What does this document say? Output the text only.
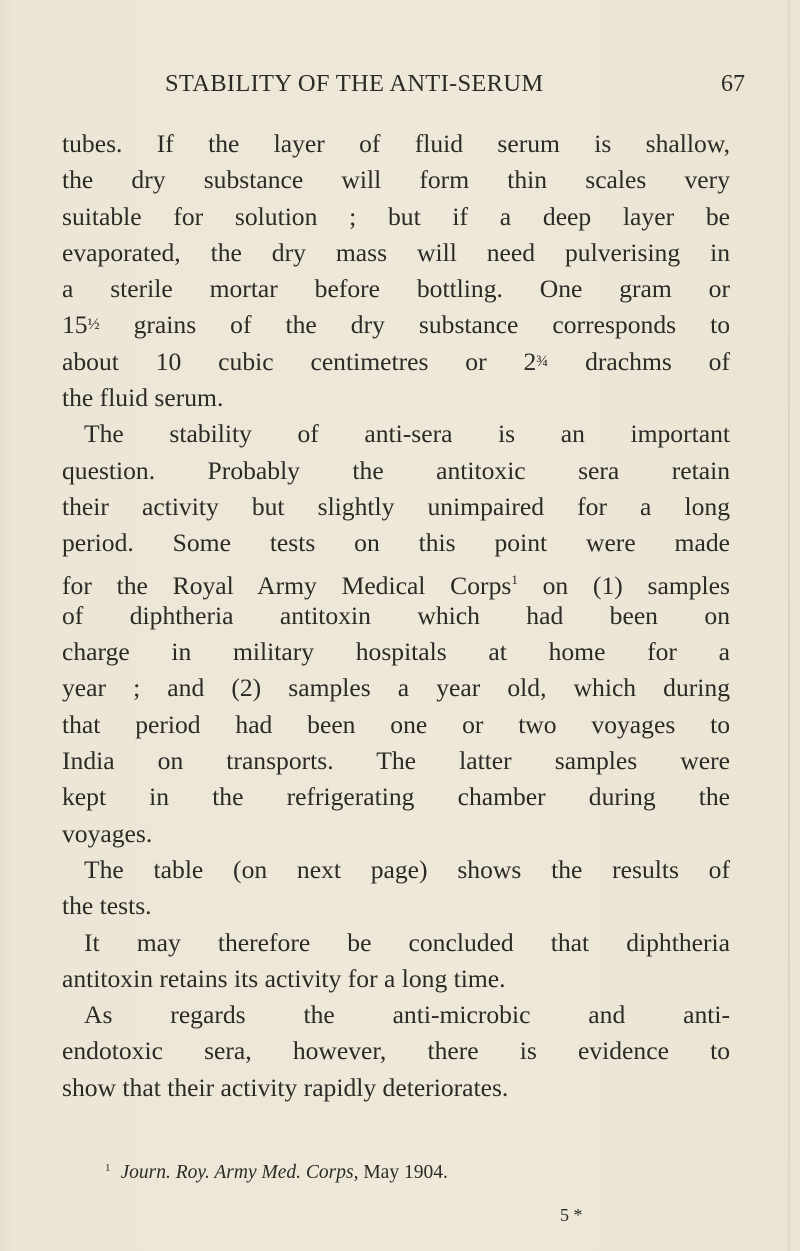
STABILITY OF THE ANTI-SERUM	67
tubes. If the layer of fluid serum is shallow,
the dry substance will form thin scales very
suitable for solution ; but if a deep layer be
evaporated, the dry mass will need pulverising in
a sterile mortar before bottling. One gram or
15½ grains of the dry substance corresponds to
about 10 cubic centimetres or 2¾ drachms of
the fluid serum.
The stability of anti-sera is an important
question. Probably the antitoxic sera retain
their activity but slightly unimpaired for a long
period. Some tests on this point were made
for the Royal Army Medical Corps$^1$ on (1) samples
of diphtheria antitoxin which had been on
charge in military hospitals at home for a
year ; and (2) samples a year old, which during
that period had been one or two voyages to
India on transports. The latter samples were
kept in the refrigerating chamber during the
voyages.
The table (on next page) shows the results of
the tests.
It may therefore be concluded that diphtheria
antitoxin retains its activity for a long time.
As regards the anti-microbic and anti-
endotoxic sera, however, there is evidence to
show that their activity rapidly deteriorates.
$^1$ Journ. Roy. Army Med. Corps, May 1904.
5 *
